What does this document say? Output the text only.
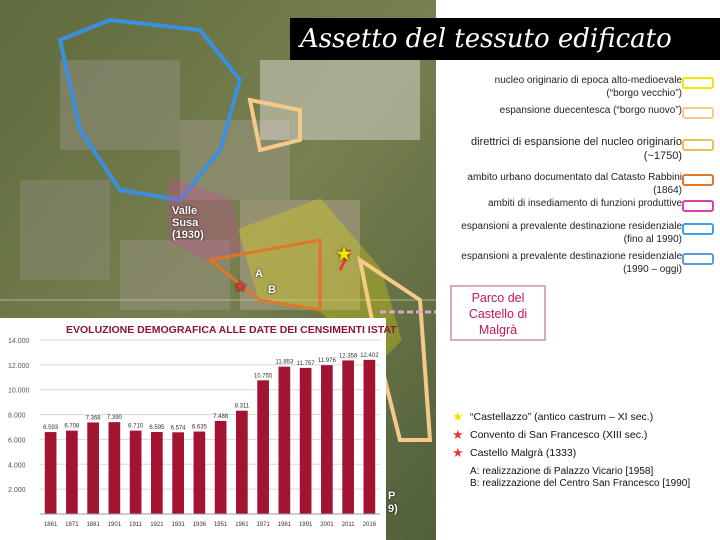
Assetto del tessuto edificato
nucleo originario di epoca alto-medioevale
(“borgo vecchio”)
espansione duecentesca (“borgo nuovo”)
direttrici di espansione del nucleo originario
(~1750)
ambito urbano documentato dal Catasto Rabbini
(1864)
ambiti di insediamento di funzioni produttive
espansioni a prevalente destinazione residenziale
(fino al 1990)
espansioni a prevalente destinazione residenziale
(1990 – oggi)
Valle
Susa
(1930)
A
B
P
9)
★
★
Parco del Castello di Malgrà
★ “Castellazzo” (antico castrum – XI sec.)
★ Convento di San Francesco (XIII sec.)
★ Castello Malgrà (1333)
A: realizzazione di Palazzo Vicario [1958]
B: realizzazione del Centro San Francesco [1990]
EVOLUZIONE DEMOGRAFICA ALLE DATE DEI CENSIMENTI ISTAT
14.000
12.000
10.000
8.000
6.000
4.000
2.000
6.593
1861
6.708
1871
7.368
1881
7.390
1901
6.710
1911
6.595
1921
6.574
1931
6.635
1936
7.488
1951
8.311
1961
10.755
1971
11.853
1981
11.757
1991
11.976
2001
12.358
2011
12.402
2016
